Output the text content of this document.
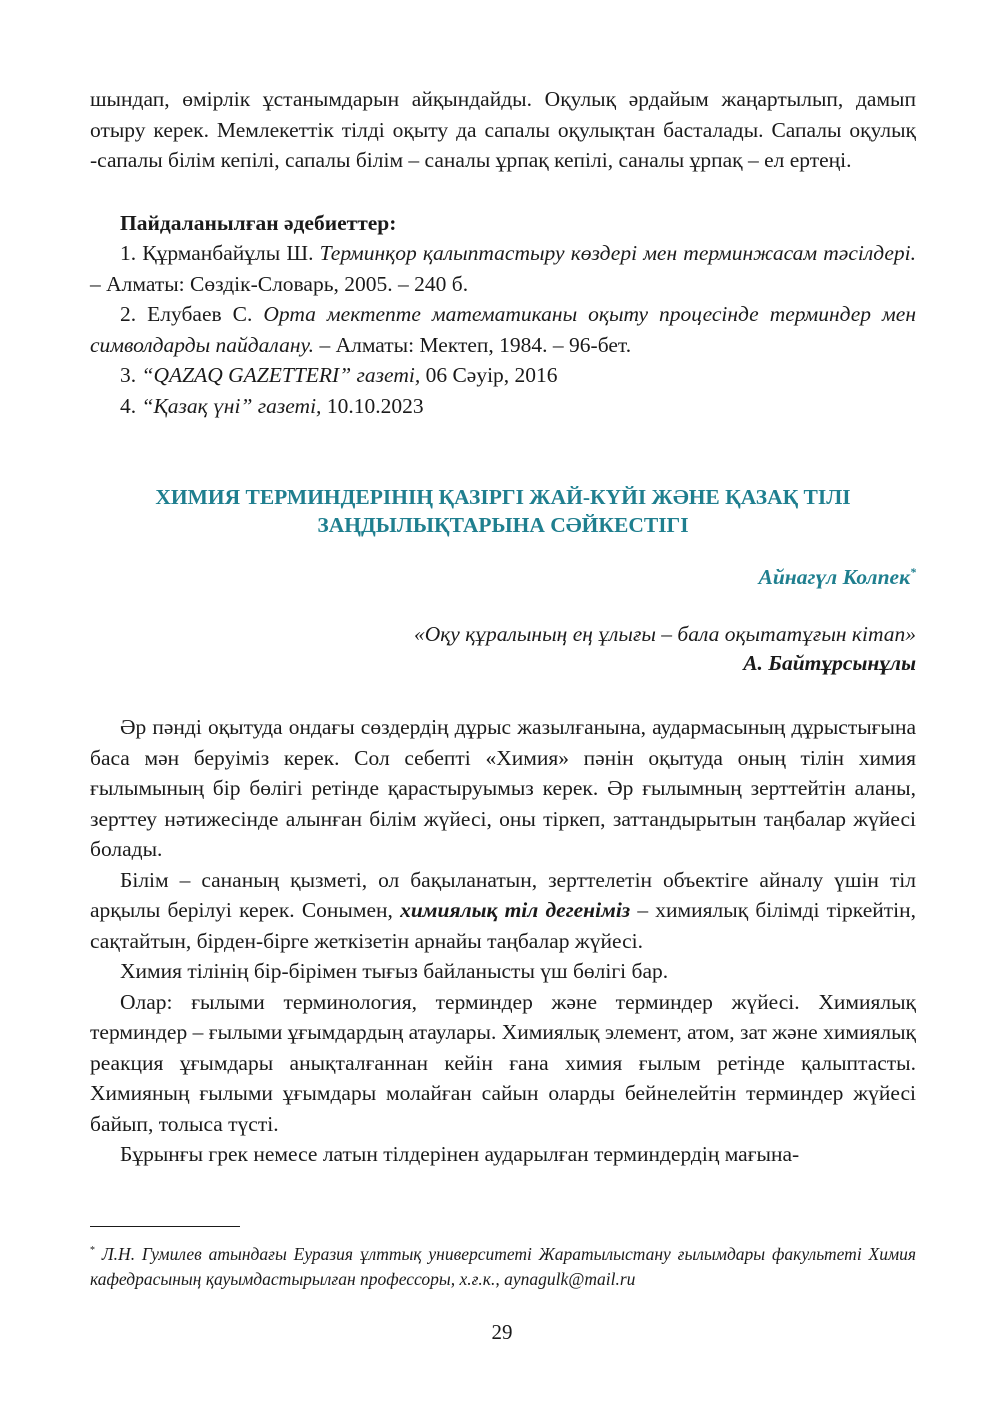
шындап, өмірлік ұстанымдарын айқындайды. Оқулық әрдайым жаңартылып, дамып отыру керек. Мемлекеттік тілді оқыту да сапалы оқулықтан басталады. Сапалы оқулық -сапалы білім кепілі, сапалы білім – саналы ұрпақ кепілі, саналы ұрпақ – ел ертеңі.

Пайдаланылған әдебиеттер:

1. Құрманбайұлы Ш. Терминқор қалыптастыру көздері мен терминжасам тәсілдері. – Алматы: Сөздік-Словарь, 2005. – 240 б.

2. Елубаев С. Орта мектепте математиканы оқыту процесінде терминдер мен символдарды пайдалану. – Алматы: Мектеп, 1984. – 96-бет.

3. “QAZAQ GAZETTERI” газеті, 06 Сәуір, 2016

4. “Қазақ үні” газеті, 10.10.2023

ХИМИЯ ТЕРМИНДЕРІНІҢ ҚАЗІРГІ ЖАЙ-КҮЙІ ЖӘНЕ ҚАЗАҚ ТІЛІ

ЗАҢДЫЛЫҚТАРЫНА СӘЙКЕСТІГІ

Айнагүл Колпек*

«Оқу құралының ең ұлығы – бала оқытатұғын кітап»

А. Байтұрсынұлы

Әр пәнді оқытуда ондағы сөздердің дұрыс жазылғанына, аудармасының дұрыстығына баса мән беруіміз керек. Сол себепті «Химия» пәнін оқытуда оның тілін химия ғылымының бір бөлігі ретінде қарастыруымыз керек. Әр ғылымның зерттейтін аланы, зерттеу нәтижесінде алынған білім жүйесі, оны тіркеп, заттандырытын таңбалар жүйесі болады.

Білім – сананың қызметі, ол бақыланатын, зерттелетін объектіге айналу үшін тіл арқылы берілуі керек. Сонымен, химиялық тіл дегеніміз – химиялық білімді тіркейтін, сақтайтын, бірден-бірге жеткізетін арнайы таңбалар жүйесі.

Химия тілінің бір-бірімен тығыз байланысты үш бөлігі бар.

Олар: ғылыми терминология, терминдер және терминдер жүйесі. Химиялық терминдер – ғылыми ұғымдардың атаулары. Химиялық элемент, атом, зат және химиялық реакция ұғымдары анықталғаннан кейін ғана химия ғылым ретінде қалыптасты. Химияның ғылыми ұғымдары молайған сайын оларды бейнелейтін терминдер жүйесі байып, толыса түсті.

Бұрынғы грек немесе латын тілдерінен аударылған терминдердің мағына-

* Л.Н. Гумилев атындағы Еуразия ұлттық университеті Жаратылыстану ғылымдары факультеті Химия кафедрасының қауымдастырылған профессоры, х.ғ.к., aynagulk@mail.ru

29
